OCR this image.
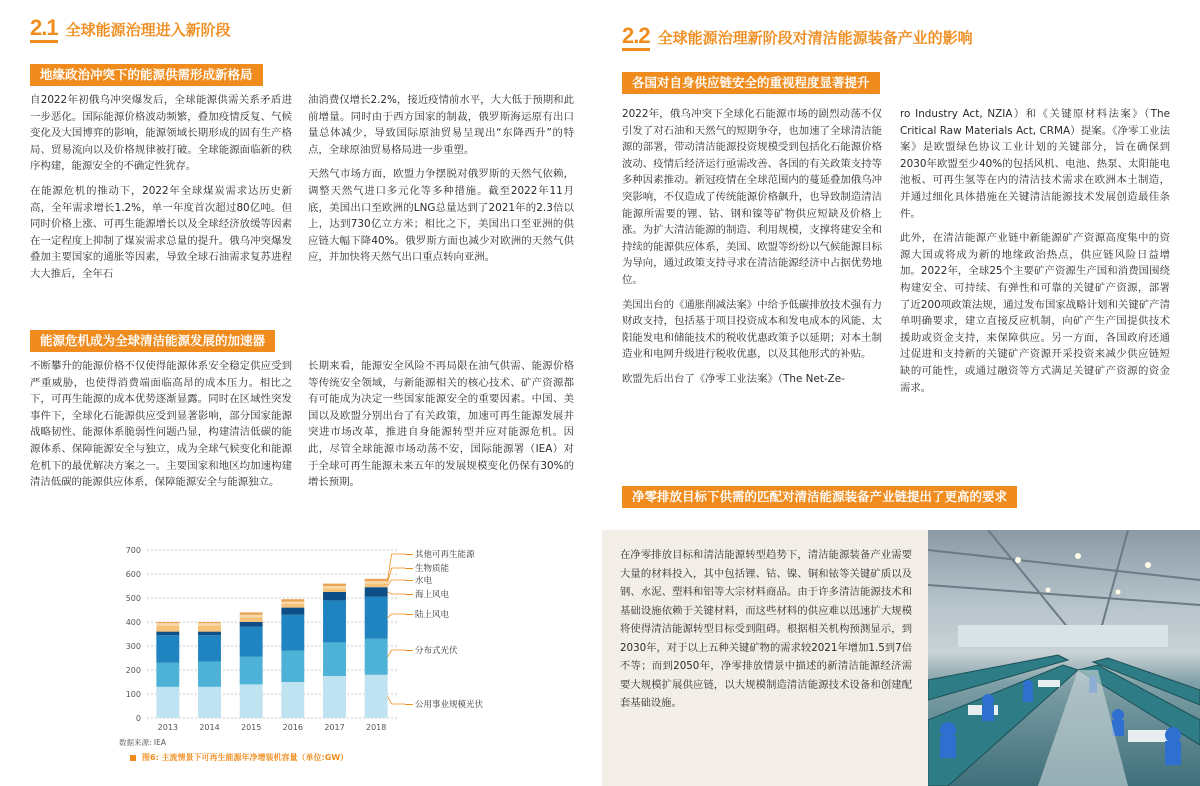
2.1 全球能源治理进入新阶段
地缘政治冲突下的能源供需形成新格局

自2022年初俄乌冲突爆发后，全球能源供需关系矛盾进一步恶化。国际能源价格波动频繁，叠加疫情反复、气候变化及大国博弈的影响，能源领域长期形成的固有生产格局、贸易流向以及价格规律被打破。全球能源面临新的秩序构建，能源安全的不确定性犹存。

在能源危机的推动下，2022年全球煤炭需求达历史新高，全年需求增长1.2%，单一年度首次超过80亿吨。但同时价格上涨、可再生能源增长以及全球经济放缓等因素在一定程度上抑制了煤炭需求总量的提升。俄乌冲突爆发叠加主要国家的通胀等因素，导致全球石油需求复苏进程大大推后，全年石

油消费仅增长2.2%，接近疫情前水平，大大低于预期和此前增量。同时由于西方国家的制裁，俄罗斯海运原有出口量总体减少，导致国际原油贸易呈现出“东降西升”的特点，全球原油贸易格局进一步重塑。

天然气市场方面，欧盟力争摆脱对俄罗斯的天然气依赖，调整天然气进口多元化等多种措施。截至2022年11月底，美国出口至欧洲的LNG总量达到了2021年的2.3倍以上，达到730亿立方米；相比之下，美国出口至亚洲的供应链大幅下降40%。俄罗斯方面也减少对欧洲的天然气供应，并加快将天然气出口重点转向亚洲。

能源危机成为全球清洁能源发展的加速器

不断攀升的能源价格不仅使得能源体系安全稳定供应受到严重威胁，也使得消费端面临高昂的成本压力。相比之下，可再生能源的成本优势逐渐显露。同时在区域性突发事件下，全球化石能源供应受到显著影响，部分国家能源战略韧性、能源体系脆弱性问题凸显，构建清洁低碳的能源体系、保障能源安全与独立，成为全球气候变化和能源危机下的最优解决方案之一。主要国家和地区均加速构建清洁低碳的能源供应体系，保障能源安全与能源独立。

长期来看，能源安全风险不再局限在油气供需、能源价格等传统安全领域，与新能源相关的核心技术、矿产资源都有可能成为决定一些国家能源安全的重要因素。中国、美国以及欧盟分别出台了有关政策，加速可再生能源发展并突进市场改革，推进自身能源转型并应对能源危机。因此，尽管全球能源市场动荡不安，国际能源署（IEA）对于全球可再生能源未来五年的发展规模变化仍保有30%的增长预期。

0
100
200
300
400
500
600
700
2013	2014	2015	2016	2017	2018
其他可再生能源
生物质能
水电
海上风电
陆上风电
分布式光伏
公用事业规模光伏
数据来源: IEA
图6: 主流情景下可再生能源年净增装机容量（单位:GW）
2.2 全球能源治理新阶段对清洁能源装备产业的影响
各国对自身供应链安全的重视程度显著提升

2022年，俄乌冲突下全球化石能源市场的剧烈动荡不仅引发了对石油和天然气的短期争夺，也加速了全球清洁能源的部署，带动清洁能源投资规模受到包括化石能源价格波动、疫情后经济运行亟需改善、各国的有关政策支持等多种因素推动。新冠疫情在全球范围内的蔓延叠加俄乌冲突影响，不仅造成了传统能源价格飙升，也导致制造清洁能源所需要的锂、钴、钢和镍等矿物供应短缺及价格上涨。为扩大清洁能源的制造、利用规模，支撑将建安全和持续的能源供应体系，美国、欧盟等纷纷以气候能源目标为导向，通过政策支持寻求在清洁能源经济中占据优势地位。

美国出台的《通胀削减法案》中给予低碳排放技术强有力财政支持，包括基于项目投资成本和发电成本的风能、太阳能发电和储能技术的税收优惠政策予以延期；对本土制造业和电网升级进行税收优惠，以及其他形式的补贴。

欧盟先后出台了《净零工业法案》（The Net-Ze-

ro Industry Act, NZIA）和《关键原材料法案》（The Critical Raw Materials Act, CRMA）提案。《净零工业法案》是欧盟绿色协议工业计划的关键部分，旨在确保到2030年欧盟至少40%的包括风机、电池、热泵、太阳能电池板、可再生氢等在内的清洁技术需求在欧洲本土制造，并通过细化具体措施在关键清洁能源技术发展创造最佳条件。

此外，在清洁能源产业链中新能源矿产资源高度集中的资源大国或将成为新的地缘政治热点，供应链风险日益增加。2022年，全球25个主要矿产资源生产国和消费国围绕构建安全、可持续、有弹性和可靠的关键矿产资源，部署了近200项政策法规，通过发布国家战略计划和关键矿产清单明确要求，建立直接反应机制，向矿产生产国提供技术援助或资金支持，来保障供应。另一方面，各国政府还通过促进和支持新的关键矿产资源开采投资来减少供应链短缺的可能性，或通过融资等方式满足关键矿产资源的资金需求。

净零排放目标下供需的匹配对清洁能源装备产业链提出了更高的要求

在净零排放目标和清洁能源转型趋势下，清洁能源装备产业需要大量的材料投入，其中包括锂、钴、镍、铜和铱等关键矿质以及钢、水泥、塑料和铝等大宗材料商品。由于许多清洁能源技术和基础设施依赖于关键材料，而这些材料的供应难以迅速扩大规模将使得清洁能源转型目标受到阻碍。根据相关机构预测显示，到2030年，对于以上五种关键矿物的需求较2021年增加1.5到7倍不等；而到2050年，净零排放情景中描述的新清洁能源经济需要大规模扩展供应链，以大规模制造清洁能源技术设备和创建配套基础设施。
